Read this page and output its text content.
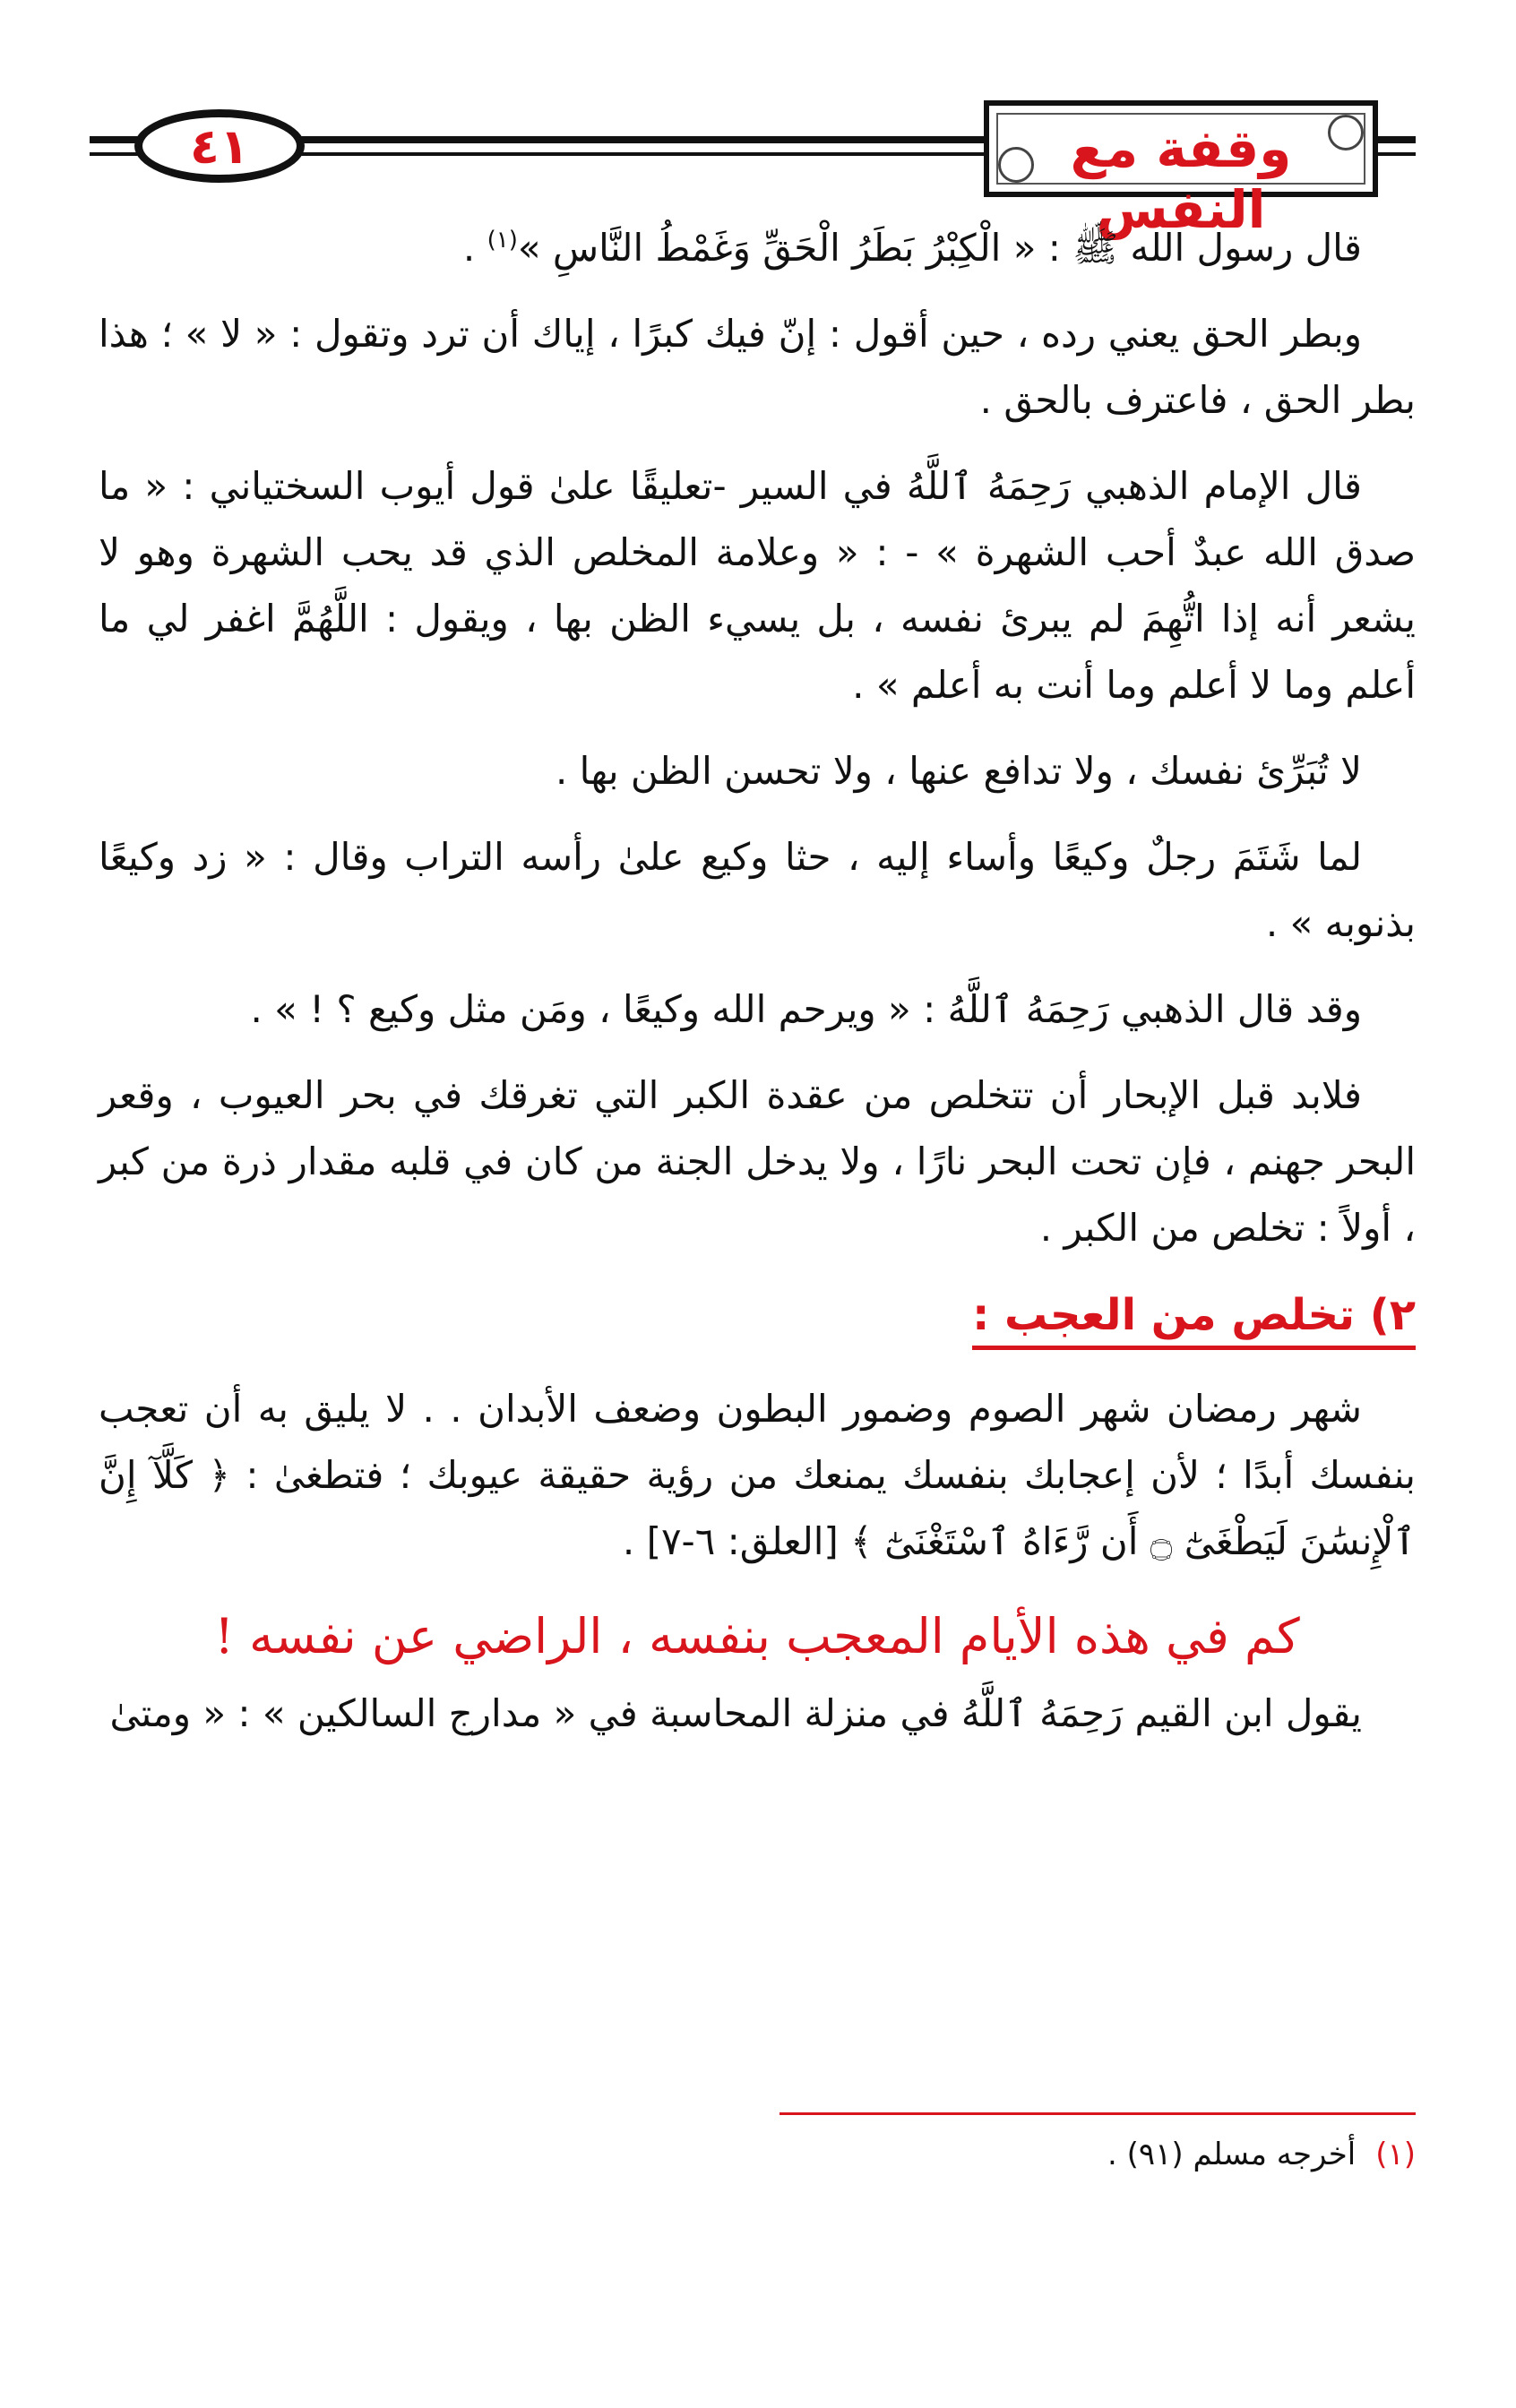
٤١	وقفة مع النفس

قال رسول الله ﷺ : « الْكِبْرُ بَطَرُ الْحَقِّ وَغَمْطُ النَّاسِ »$^{(١)}$ .

وبطر الحق يعني رده ، حين أقول : إنّ فيك كبرًا ، إياك أن ترد وتقول : « لا » ؛ هذا بطر الحق ، فاعترف بالحق .

قال الإمام الذهبي رَحِمَهُ ٱللَّهُ في السير -تعليقًا علىٰ قول أيوب السختياني : « ما صدق الله عبدٌ أحب الشهرة » - : « وعلامة المخلص الذي قد يحب الشهرة وهو لا يشعر أنه إذا اتُّهِمَ لم يبرئ نفسه ، بل يسيء الظن بها ، ويقول : اللَّهُمَّ اغفر لي ما أعلم وما لا أعلم وما أنت به أعلم » .

لا تُبَرِّئ نفسك ، ولا تدافع عنها ، ولا تحسن الظن بها .

لما شَتَمَ رجلٌ وكيعًا وأساء إليه ، حثا وكيع علىٰ رأسه التراب وقال : « زد وكيعًا بذنوبه » .

وقد قال الذهبي رَحِمَهُ ٱللَّهُ : « ويرحم الله وكيعًا ، ومَن مثل وكيع ؟ ! » .

فلابد قبل الإبحار أن تتخلص من عقدة الكبر التي تغرقك في بحر العيوب ، وقعر البحر جهنم ، فإن تحت البحر نارًا ، ولا يدخل الجنة من كان في قلبه مقدار ذرة من كبر ، أولاً : تخلص من الكبر .

٢) تخلص من العجب :

شهر رمضان شهر الصوم وضمور البطون وضعف الأبدان . . لا يليق به أن تعجب بنفسك أبدًا ؛ لأن إعجابك بنفسك يمنعك من رؤية حقيقة عيوبك ؛ فتطغىٰ : ﴿ كَلَّآ إِنَّ ٱلْإِنسَٰنَ لَيَطْغَىٰٓ ۝ أَن رَّءَاهُ ٱسْتَغْنَىٰٓ ﴾ [العلق: ٦-٧] .

كم في هذه الأيام المعجب بنفسه ، الراضي عن نفسه !

يقول ابن القيم رَحِمَهُ ٱللَّهُ في منزلة المحاسبة في « مدارج السالكين » : « ومتىٰ

(١)أخرجه مسلم (٩١) .
